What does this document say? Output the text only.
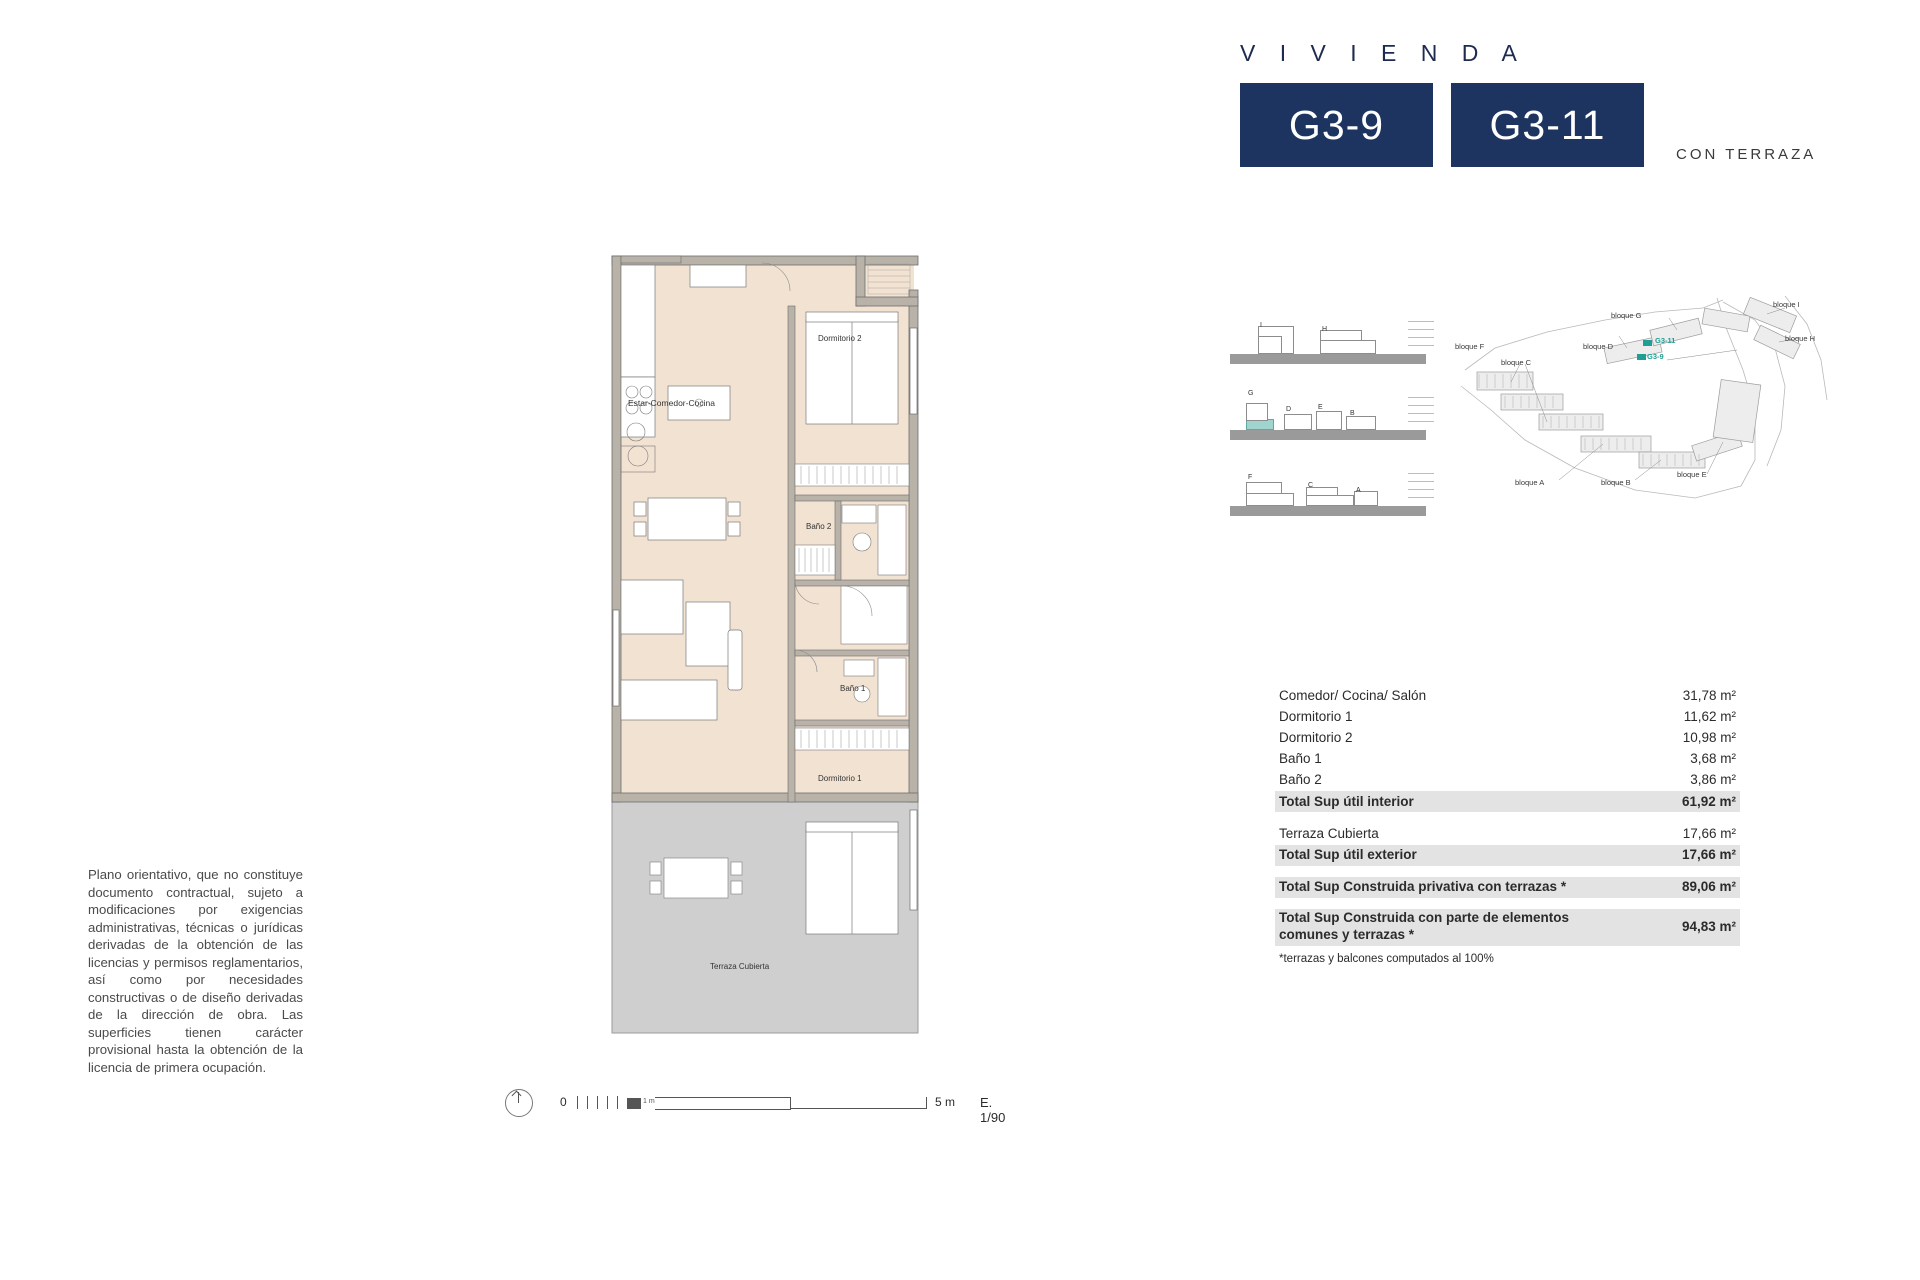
V I V I E N D A
G3-9	G3-11
CON TERRAZA
I
H
G
D	E
B
F
C
A
bloque I
bloque H
bloque G
bloque F	bloque D
bloque C
bloque A	bloque B
bloque E
G3-11
G3-9
Comedor/ Cocina/ Salón	31,78 m²
Dormitorio 1	11,62 m²
Dormitorio 2	10,98 m²
Baño 1	3,68 m²
Baño 2	3,86 m²
Total Sup útil interior	61,92 m²
Terraza Cubierta	17,66 m²
Total Sup útil exterior	17,66 m²
Total Sup Construida privativa con terrazas *	89,06 m²
Total Sup Construida con parte de elementos comunes y terrazas *
94,83 m²
*terrazas y balcones computados al 100%
Plano orientativo, que no constituye documento contractual, sujeto a modificaciones por exigencias administrativas, técnicas o jurídicas derivadas de la obtención de las licencias y permisos reglamentarios, así como por necesidades constructivas o de diseño derivadas de la dirección de obra. Las superficies tienen carácter provisional hasta la obtención de la licencia de primera ocupación.
0	1 m	5 m E. 1/90
Estar-Comedor-Cocina
Dormitorio 2
Baño 2
Baño 1
Dormitorio 1
Terraza Cubierta
